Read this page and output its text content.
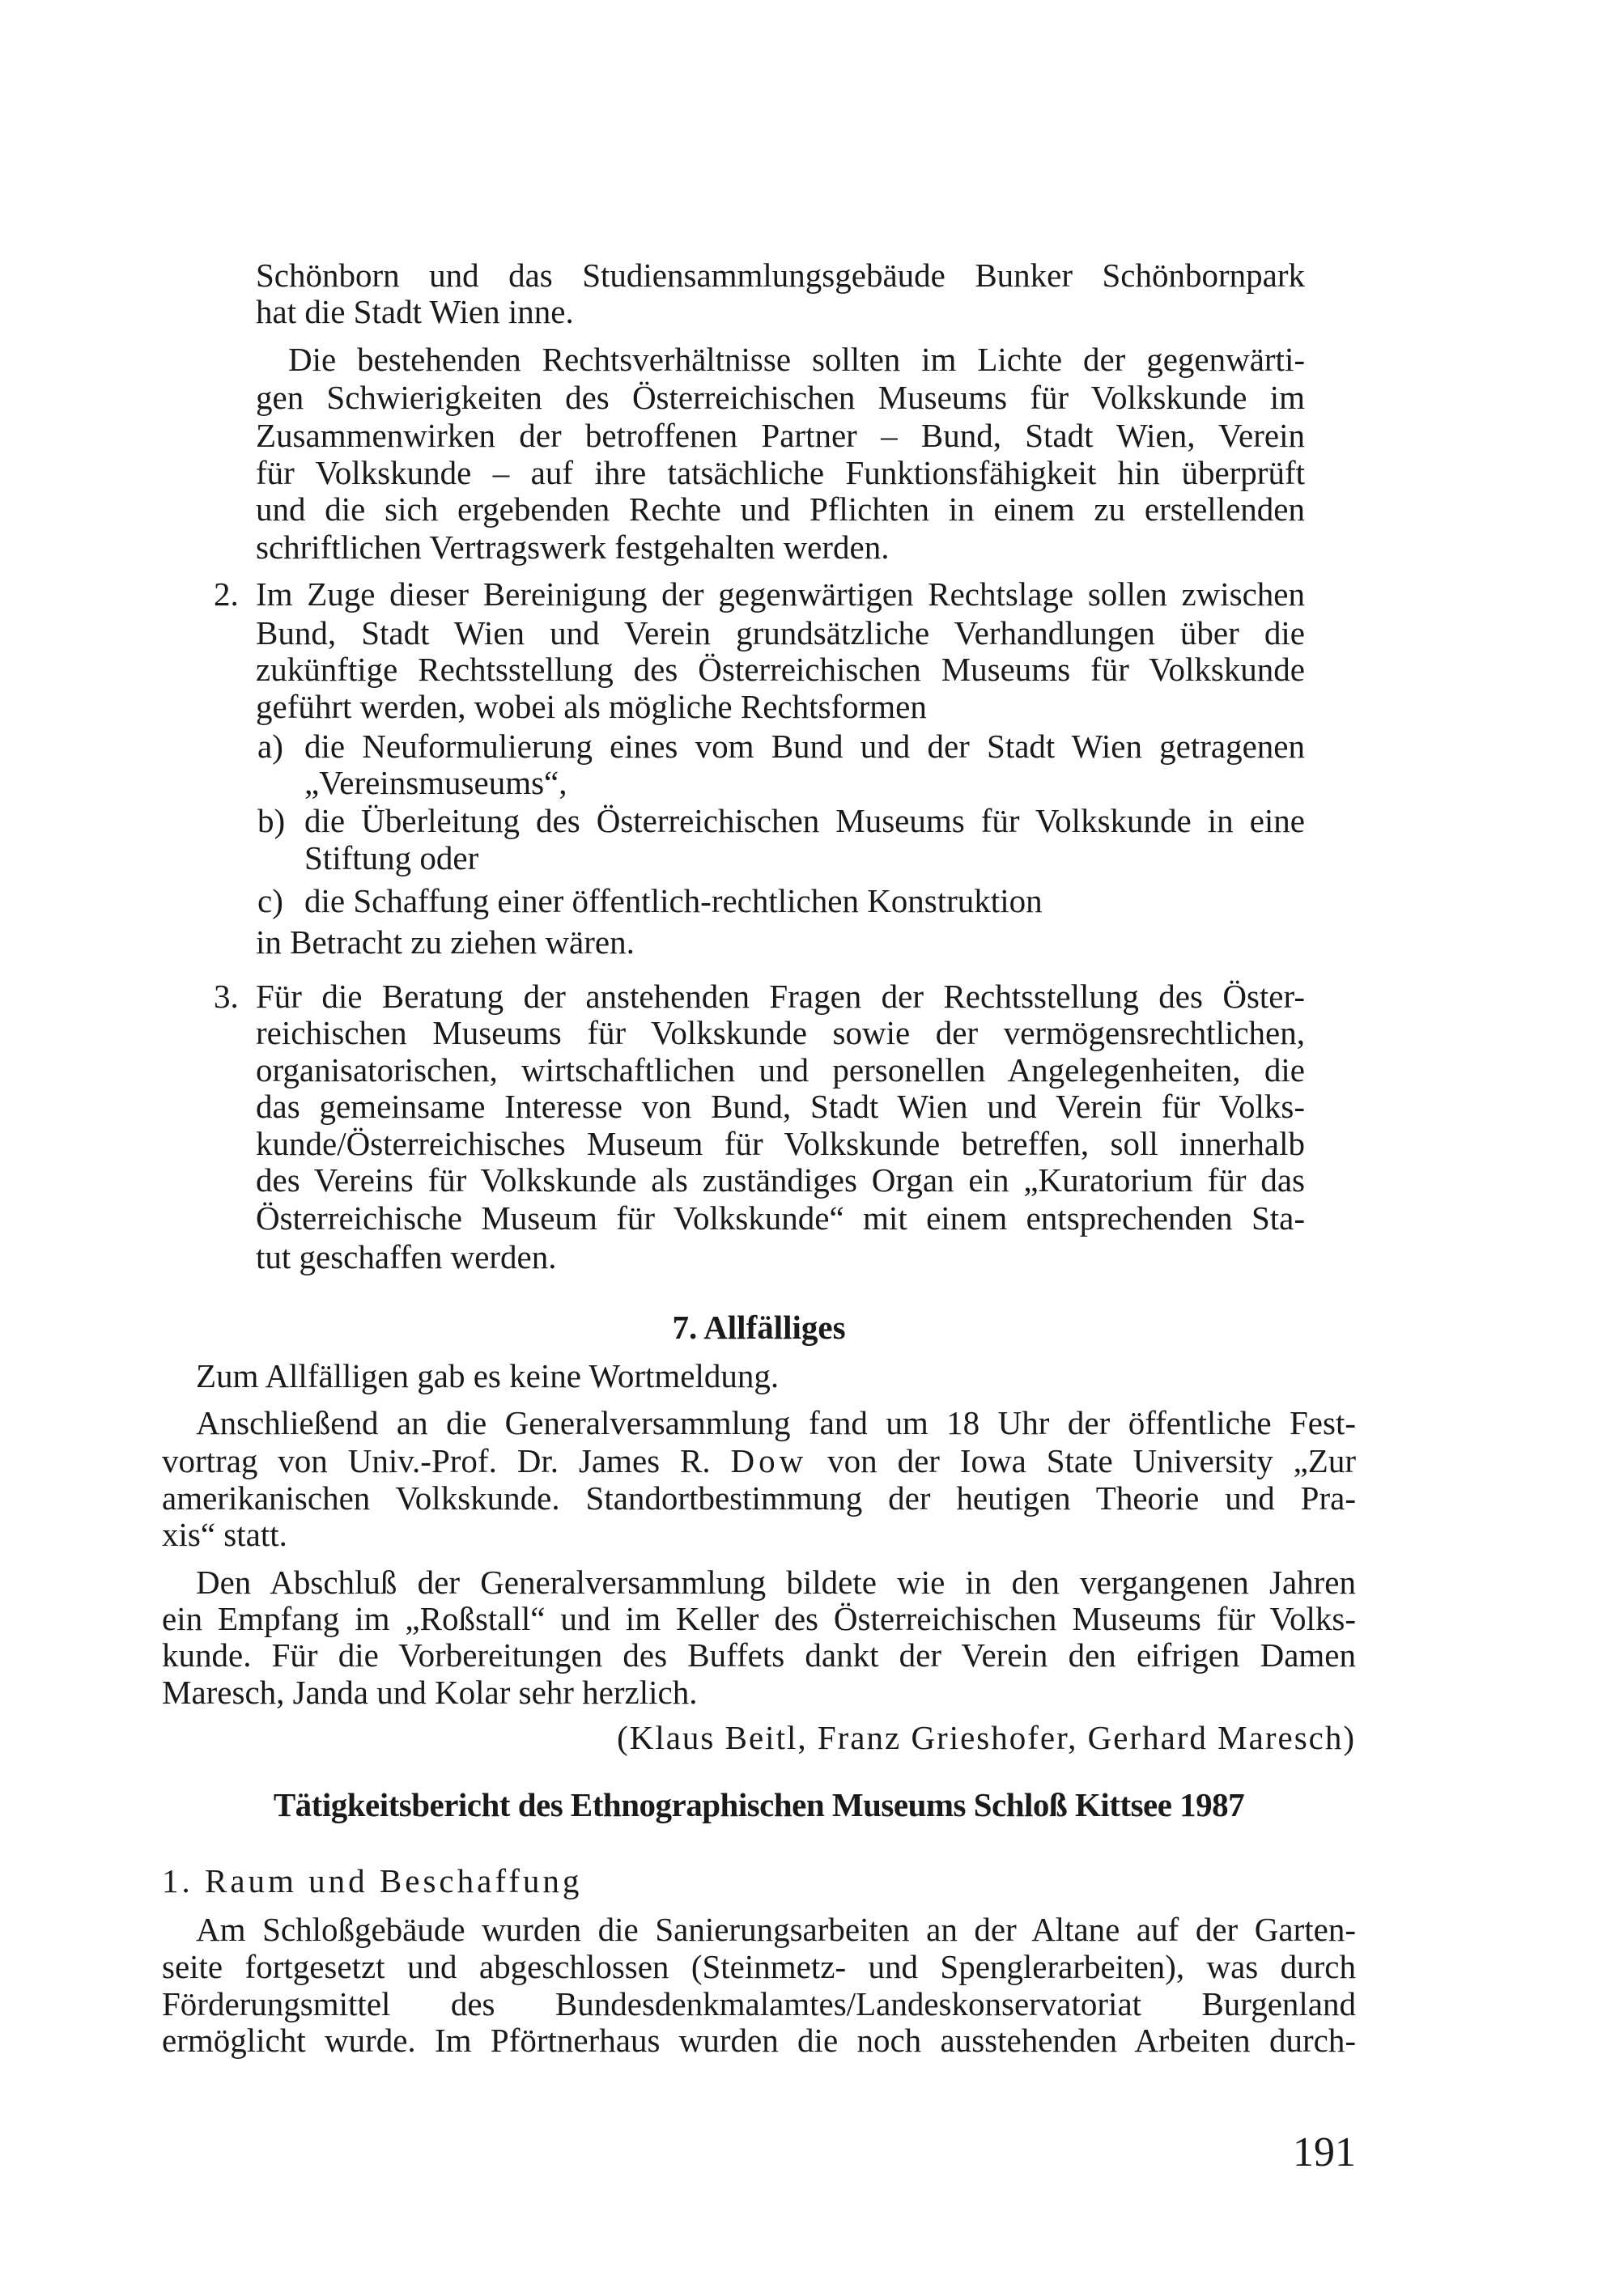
Schönborn und das Studiensammlungsgebäude Bunker Schönbornpark
hat die Stadt Wien inne.
Die bestehenden Rechtsverhältnisse sollten im Lichte der gegenwärti-
gen Schwierigkeiten des Österreichischen Museums für Volkskunde im
Zusammenwirken der betroffenen Partner – Bund, Stadt Wien, Verein
für Volkskunde – auf ihre tatsächliche Funktionsfähigkeit hin überprüft
und die sich ergebenden Rechte und Pflichten in einem zu erstellenden
schriftlichen Vertragswerk festgehalten werden.
2. Im Zuge dieser Bereinigung der gegenwärtigen Rechtslage sollen zwischen
Bund, Stadt Wien und Verein grundsätzliche Verhandlungen über die
zukünftige Rechtsstellung des Österreichischen Museums für Volkskunde
geführt werden, wobei als mögliche Rechtsformen
a) die Neuformulierung eines vom Bund und der Stadt Wien getragenen
„Vereinsmuseums“,
b) die Überleitung des Österreichischen Museums für Volkskunde in eine
Stiftung oder
c) die Schaffung einer öffentlich-rechtlichen Konstruktion
in Betracht zu ziehen wären.
3. Für die Beratung der anstehenden Fragen der Rechtsstellung des Öster-
reichischen Museums für Volkskunde sowie der vermögensrechtlichen,
organisatorischen, wirtschaftlichen und personellen Angelegenheiten, die
das gemeinsame Interesse von Bund, Stadt Wien und Verein für Volks-
kunde/Österreichisches Museum für Volkskunde betreffen, soll innerhalb
des Vereins für Volkskunde als zuständiges Organ ein „Kuratorium für das
Österreichische Museum für Volkskunde“ mit einem entsprechenden Sta-
tut geschaffen werden.
7. Allfälliges
Zum Allfälligen gab es keine Wortmeldung.
Anschließend an die Generalversammlung fand um 18 Uhr der öffentliche Fest-
vortrag von Univ.-Prof. Dr. James R. Dow von der Iowa State University „Zur
amerikanischen Volkskunde. Standortbestimmung der heutigen Theorie und Pra-
xis“ statt.
Den Abschluß der Generalversammlung bildete wie in den vergangenen Jahren
ein Empfang im „Roßstall“ und im Keller des Österreichischen Museums für Volks-
kunde. Für die Vorbereitungen des Buffets dankt der Verein den eifrigen Damen
Maresch, Janda und Kolar sehr herzlich.
(Klaus Beitl, Franz Grieshofer, Gerhard Maresch)
Tätigkeitsbericht des Ethnographischen Museums Schloß Kittsee 1987
1. Raum und Beschaffung
Am Schloßgebäude wurden die Sanierungsarbeiten an der Altane auf der Garten-
seite fortgesetzt und abgeschlossen (Steinmetz- und Spenglerarbeiten), was durch
Förderungsmittel des Bundesdenkmalamtes/Landeskonservatoriat Burgenland
ermöglicht wurde. Im Pförtnerhaus wurden die noch ausstehenden Arbeiten durch-
191
